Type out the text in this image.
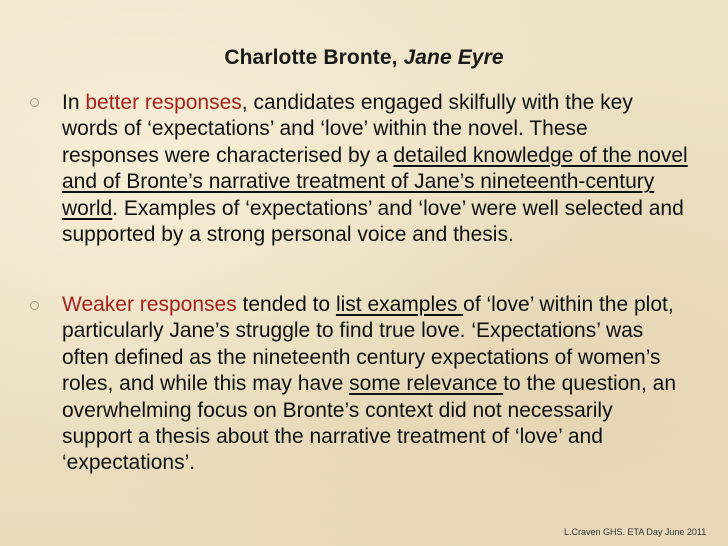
Charlotte Bronte, Jane Eyre
In better responses, candidates engaged skilfully with the key words of ‘expectations’ and ‘love’ within the novel. These responses were characterised by a detailed knowledge of the novel and of Bronte’s narrative treatment of Jane’s nineteenth-century world. Examples of ‘expectations’ and ‘love’ were well selected and supported by a strong personal voice and thesis.
Weaker responses tended to list examples of ‘love’ within the plot, particularly Jane’s struggle to find true love. ‘Expectations’ was often defined as the nineteenth century expectations of women’s roles, and while this may have some relevance to the question, an overwhelming focus on Bronte’s context did not necessarily support a thesis about the narrative treatment of ‘love’ and ‘expectations’.
L.Craven GHS. ETA Day June 2011
